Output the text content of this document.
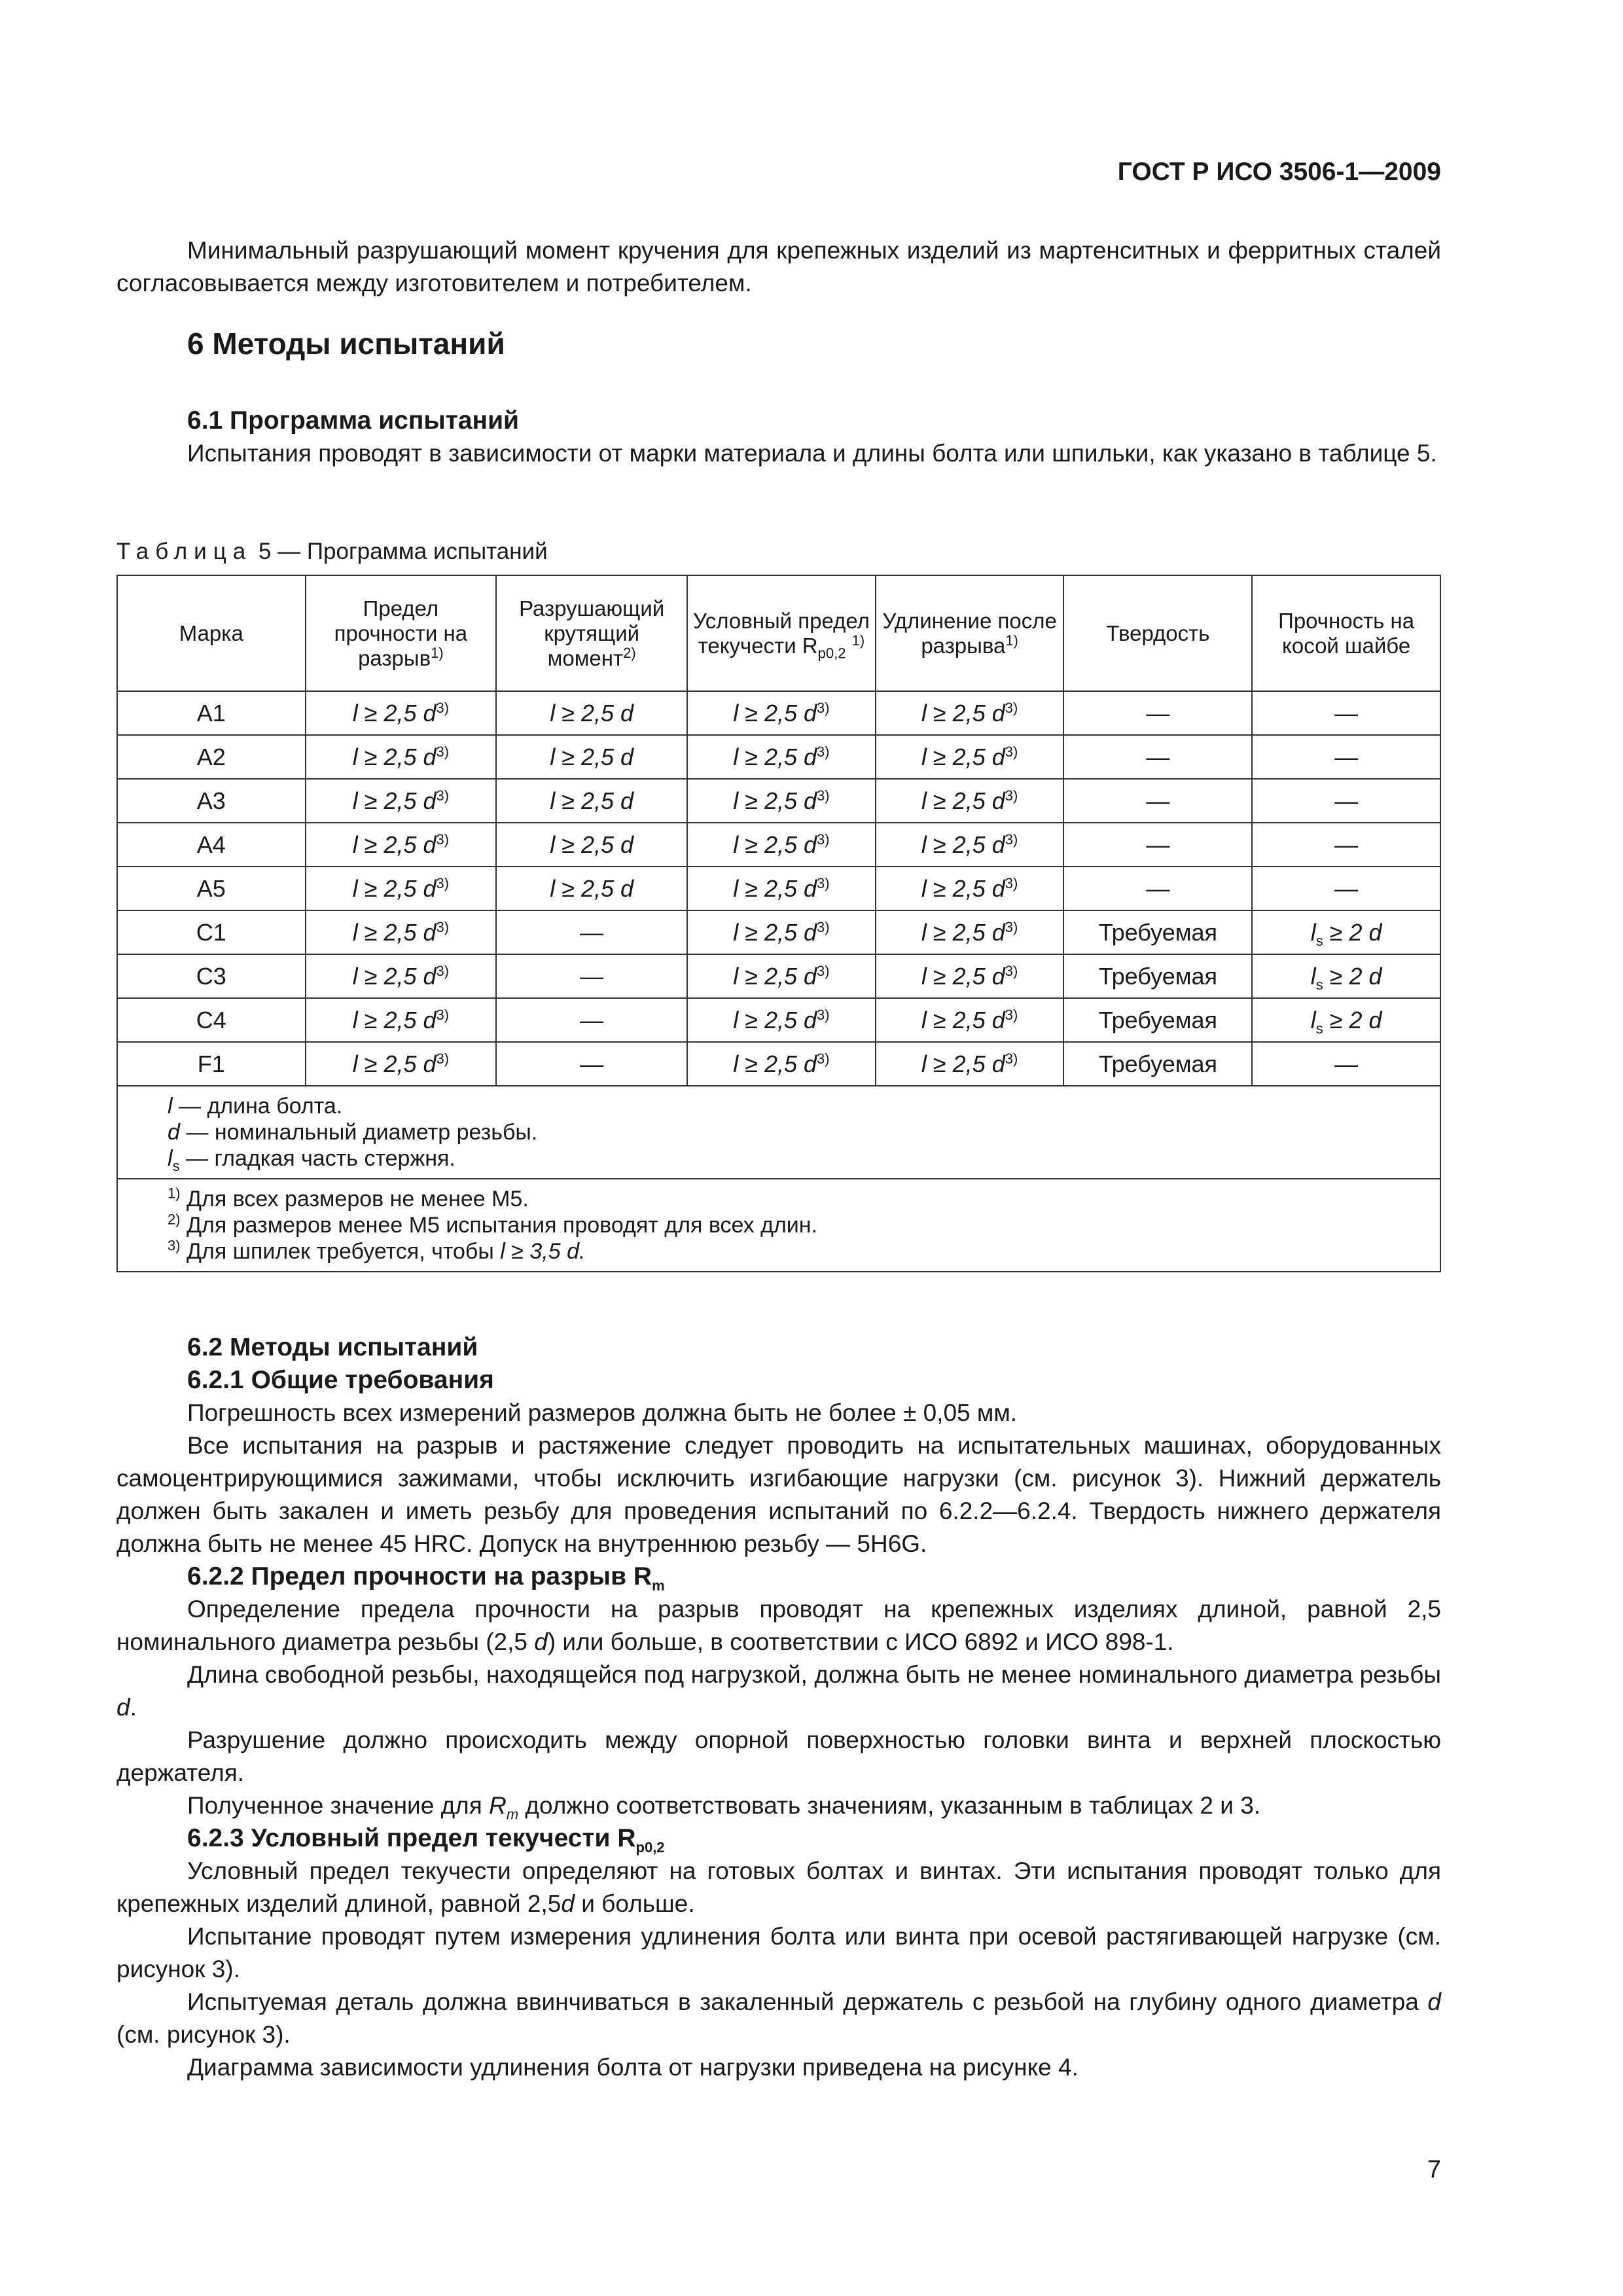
ГОСТ Р ИСО 3506-1—2009

Минимальный разрушающий момент кручения для крепежных изделий из мартенситных и ферритных сталей согласовывается между изготовителем и потребителем.

6 Методы испытаний

6.1 Программа испытаний

Испытания проводят в зависимости от марки материала и длины болта или шпильки, как указано в таблице 5.

Таблица 5 — Программа испытаний
Марка	Предел прочности на разрыв$^{1)}$	Разрушающий крутящий момент$^{2)}$	Условный предел текучести $R_{p0,2}$ $^{1)}$	Удлинение после разрыва$^{1)}$	Твердость	Прочность на косой шайбе
A1	l ≥ 2,5 $d^{3)}$	l ≥ 2,5 d	l ≥ 2,5 $d^{3)}$	l ≥ 2,5 $d^{3)}$	—	—
A2	l ≥ 2,5 $d^{3)}$	l ≥ 2,5 d	l ≥ 2,5 $d^{3)}$	l ≥ 2,5 $d^{3)}$	—	—
A3	l ≥ 2,5 $d^{3)}$	l ≥ 2,5 d	l ≥ 2,5 $d^{3)}$	l ≥ 2,5 $d^{3)}$	—	—
A4	l ≥ 2,5 $d^{3)}$	l ≥ 2,5 d	l ≥ 2,5 $d^{3)}$	l ≥ 2,5 $d^{3)}$	—	—
A5	l ≥ 2,5 $d^{3)}$	l ≥ 2,5 d	l ≥ 2,5 $d^{3)}$	l ≥ 2,5 $d^{3)}$	—	—
C1	l ≥ 2,5 $d^{3)}$	—	l ≥ 2,5 $d^{3)}$	l ≥ 2,5 $d^{3)}$	Требуемая	$l_s \ge 2$ d
C3	l ≥ 2,5 $d^{3)}$	—	l ≥ 2,5 $d^{3)}$	l ≥ 2,5 $d^{3)}$	Требуемая	$l_s \ge 2$ d
C4	l ≥ 2,5 $d^{3)}$	—	l ≥ 2,5 $d^{3)}$	l ≥ 2,5 $d^{3)}$	Требуемая	$l_s \ge 2$ d
F1	l ≥ 2,5 $d^{3)}$	—	l ≥ 2,5 $d^{3)}$	l ≥ 2,5 $d^{3)}$	Требуемая	—

l — длина болта.
d — номинальный диаметр резьбы.
$l_s$ — гладкая часть стержня.						

$^{1)}$ Для всех размеров не менее М5.
$^{2)}$ Для размеров менее М5 испытания проводят для всех длин.
$^{3)}$ Для шпилек требуется, чтобы l ≥ 3,5 d.						

6.2 Методы испытаний

6.2.1 Общие требования

Погрешность всех измерений размеров должна быть не более ± 0,05 мм.

Все испытания на разрыв и растяжение следует проводить на испытательных машинах, оборудованных самоцентрирующимися зажимами, чтобы исключить изгибающие нагрузки (см. рисунок 3). Нижний держатель должен быть закален и иметь резьбу для проведения испытаний по 6.2.2—6.2.4. Твердость нижнего держателя должна быть не менее 45 HRC. Допуск на внутреннюю резьбу — 5Н6G.

6.2.2 Предел прочности на разрыв $R_m$

Определение предела прочности на разрыв проводят на крепежных изделиях длиной, равной 2,5 номинального диаметра резьбы (2,5 d) или больше, в соответствии с ИСО 6892 и ИСО 898-1.

Длина свободной резьбы, находящейся под нагрузкой, должна быть не менее номинального диаметра резьбы d.

Разрушение должно происходить между опорной поверхностью головки винта и верхней плоскостью держателя.

Полученное значение для $R_m$ должно соответствовать значениям, указанным в таблицах 2 и 3.

6.2.3 Условный предел текучести $R_{p0,2}$

Условный предел текучести определяют на готовых болтах и винтах. Эти испытания проводят только для крепежных изделий длиной, равной 2,5d и больше.

Испытание проводят путем измерения удлинения болта или винта при осевой растягивающей нагрузке (см. рисунок 3).

Испытуемая деталь должна ввинчиваться в закаленный держатель с резьбой на глубину одного диаметра d (см. рисунок 3).

Диаграмма зависимости удлинения болта от нагрузки приведена на рисунке 4.

7
